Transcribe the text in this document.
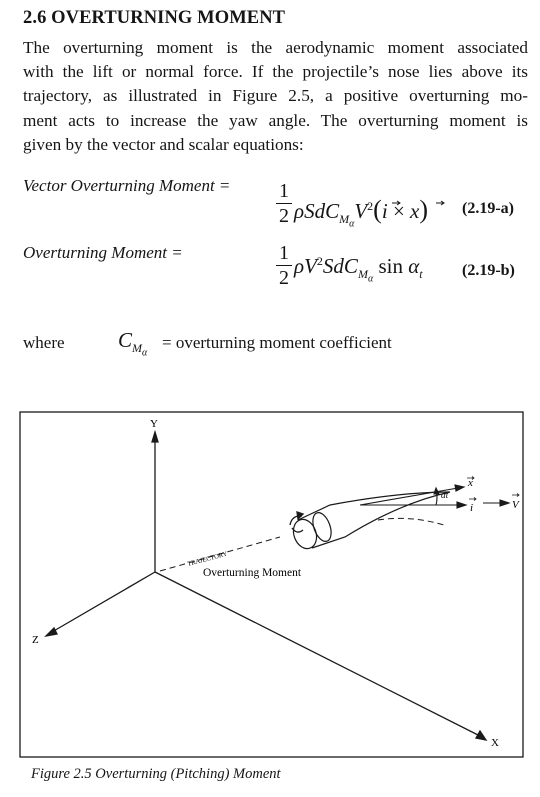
2.6 OVERTURNING MOMENT
The overturning moment is the aerodynamic moment associated
with the lift or normal force. If the projectile’s nose lies above its
trajectory, as illustrated in Figure 2.5, a positive overturning mo-
ment acts to increase the yaw angle. The overturning moment is
given by the vector and scalar equations:
Vector Overturning Moment = 1
2 $\rho SdC_{M_\alpha}V^2(i \times x)$ (2.19-a)
Overturning Moment =	1
2 $\rho V^2SdC_{M_\alpha}$ $\sin \alpha_t$ (2.19-b)
where	$C_{M_\alpha}$
= overturning moment coefficient
Y
Z
X
TRAJECTORY
Overturning Moment
x
i	V
αt
Figure 2.5 Overturning (Pitching) Moment
